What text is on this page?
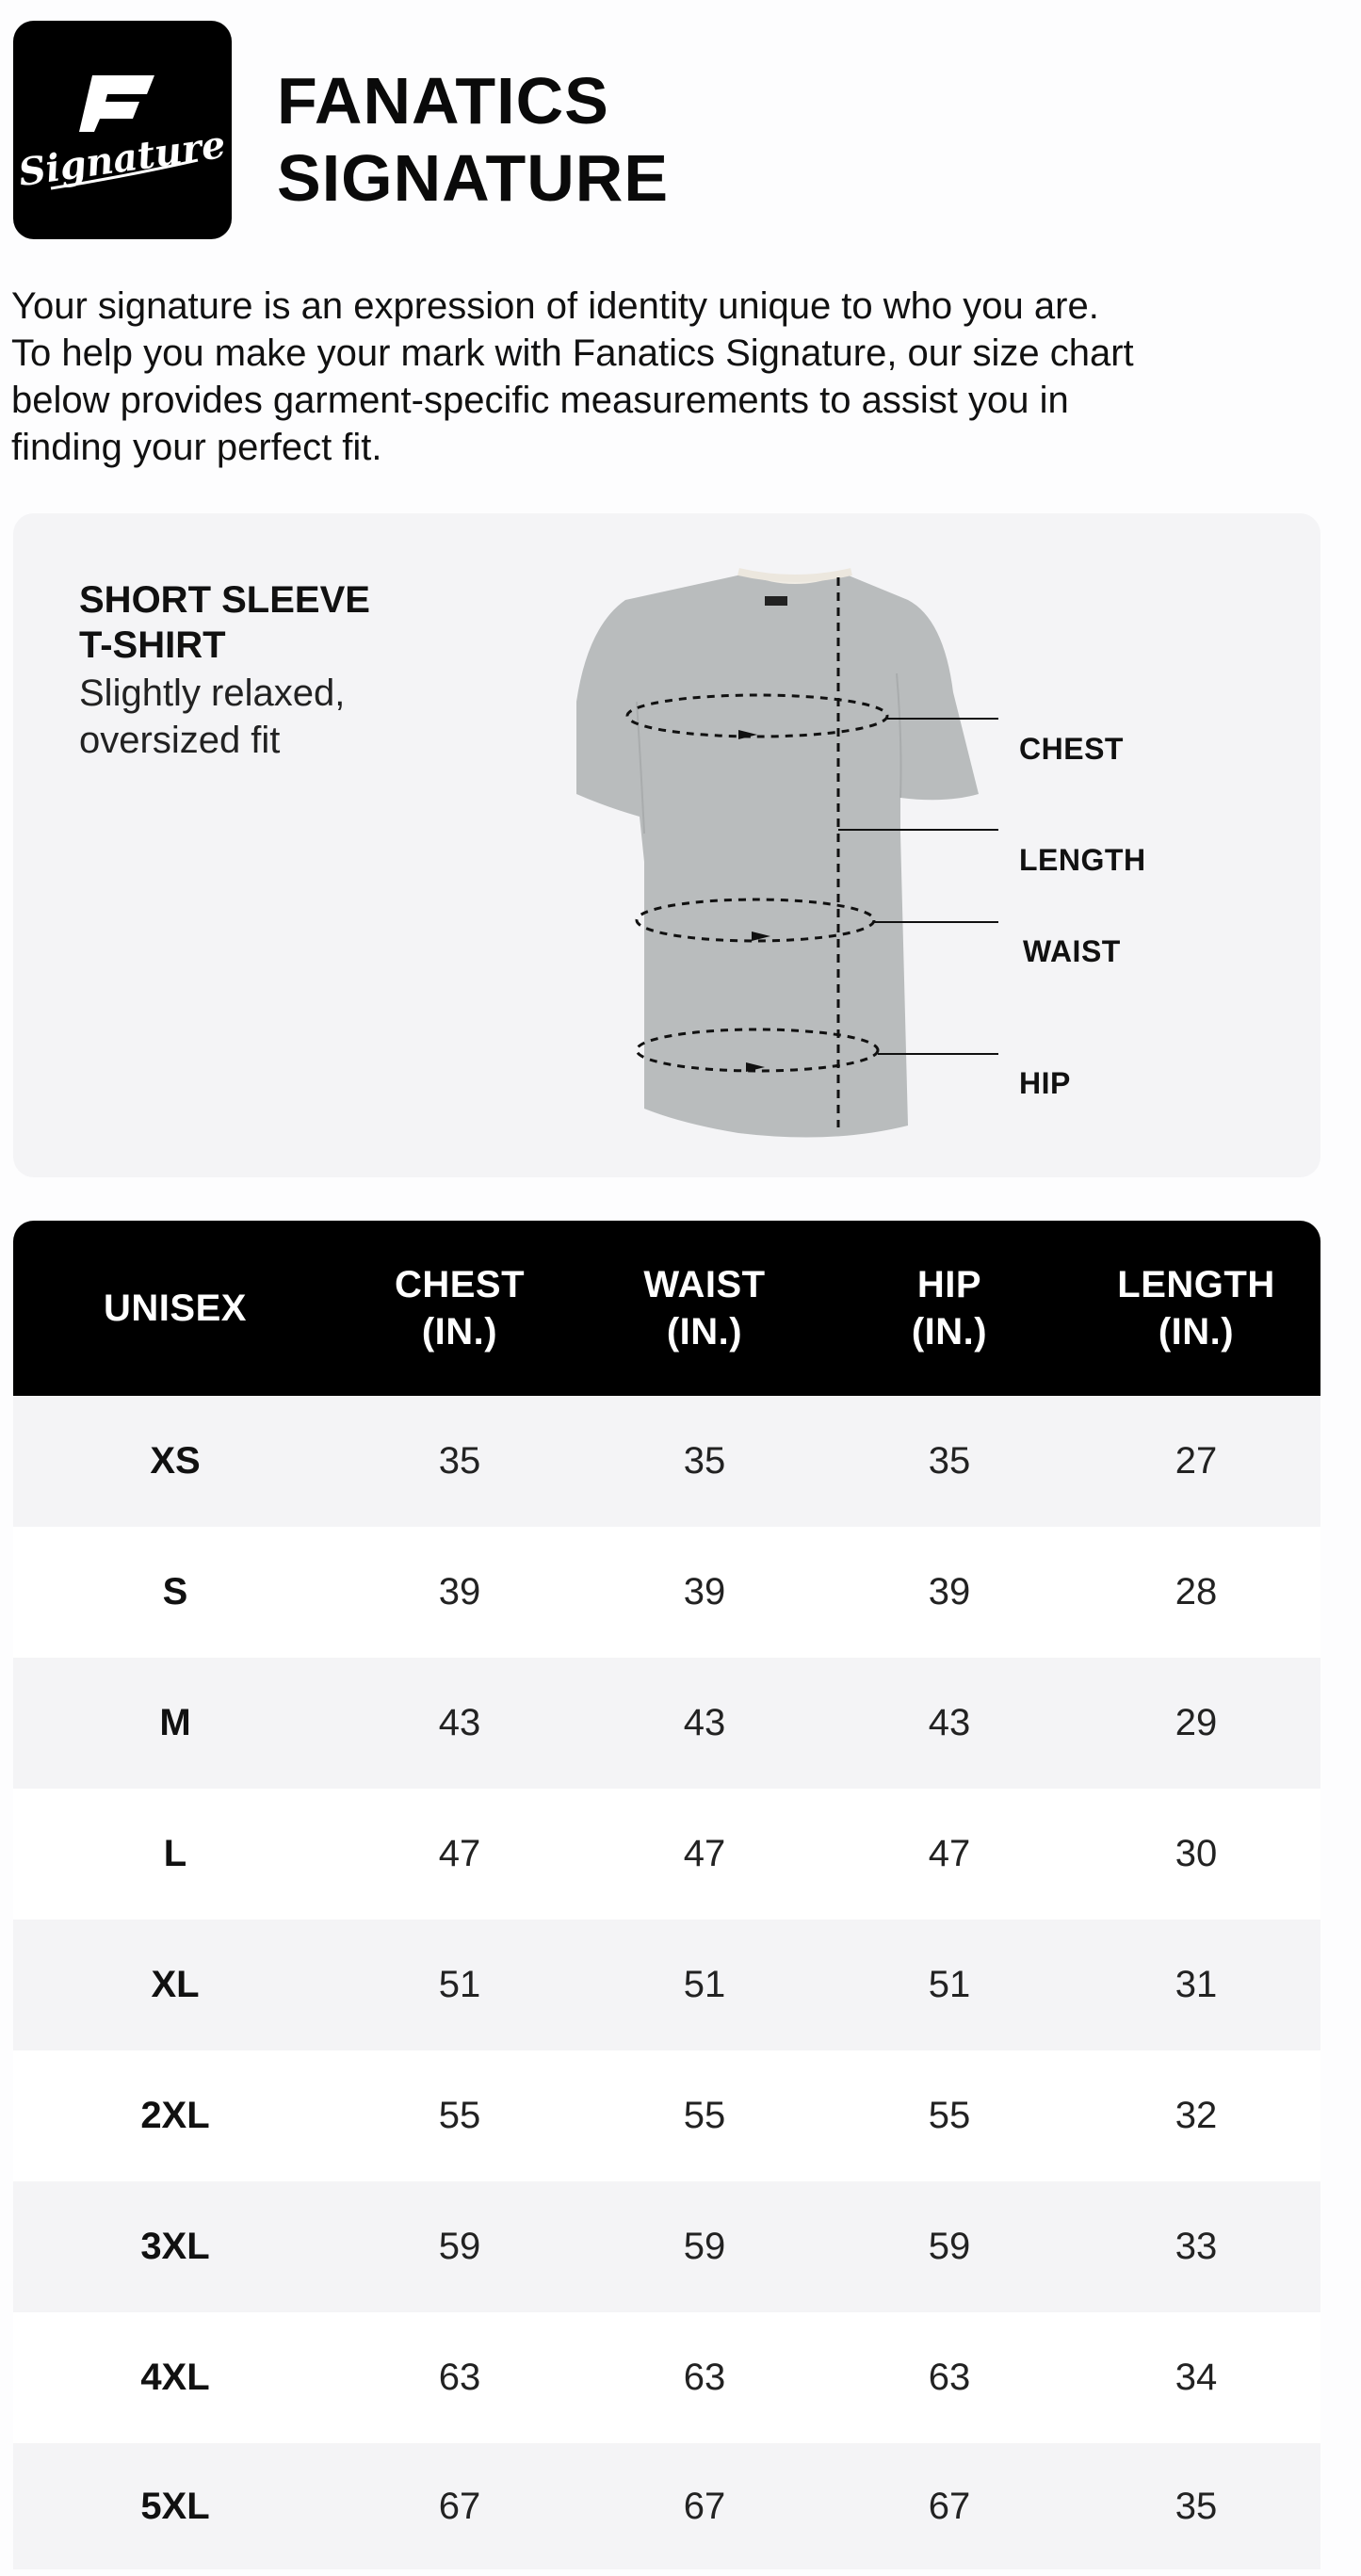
Signature
FANATICS
SIGNATURE
Your signature is an expression of identity unique to who you are.
To help you make your mark with Fanatics Signature, our size chart
below provides garment-specific measurements to assist you in
finding your perfect fit.
SHORT SLEEVE
T-SHIRT
Slightly relaxed,
oversized fit	CHEST
LENGTH
WAIST
HIP
UNISEX	CHEST
(IN.)	WAIST
(IN.)	HIP
(IN.)	LENGTH
(IN.)

XS	35	35	35	27
S	39	39	39	28
M	43	43	43	29
L	47	47	47	30
XL	51	51	51	31
2XL	55	55	55	32
3XL	59	59	59	33
4XL	63	63	63	34
5XL	67	67	67	35
